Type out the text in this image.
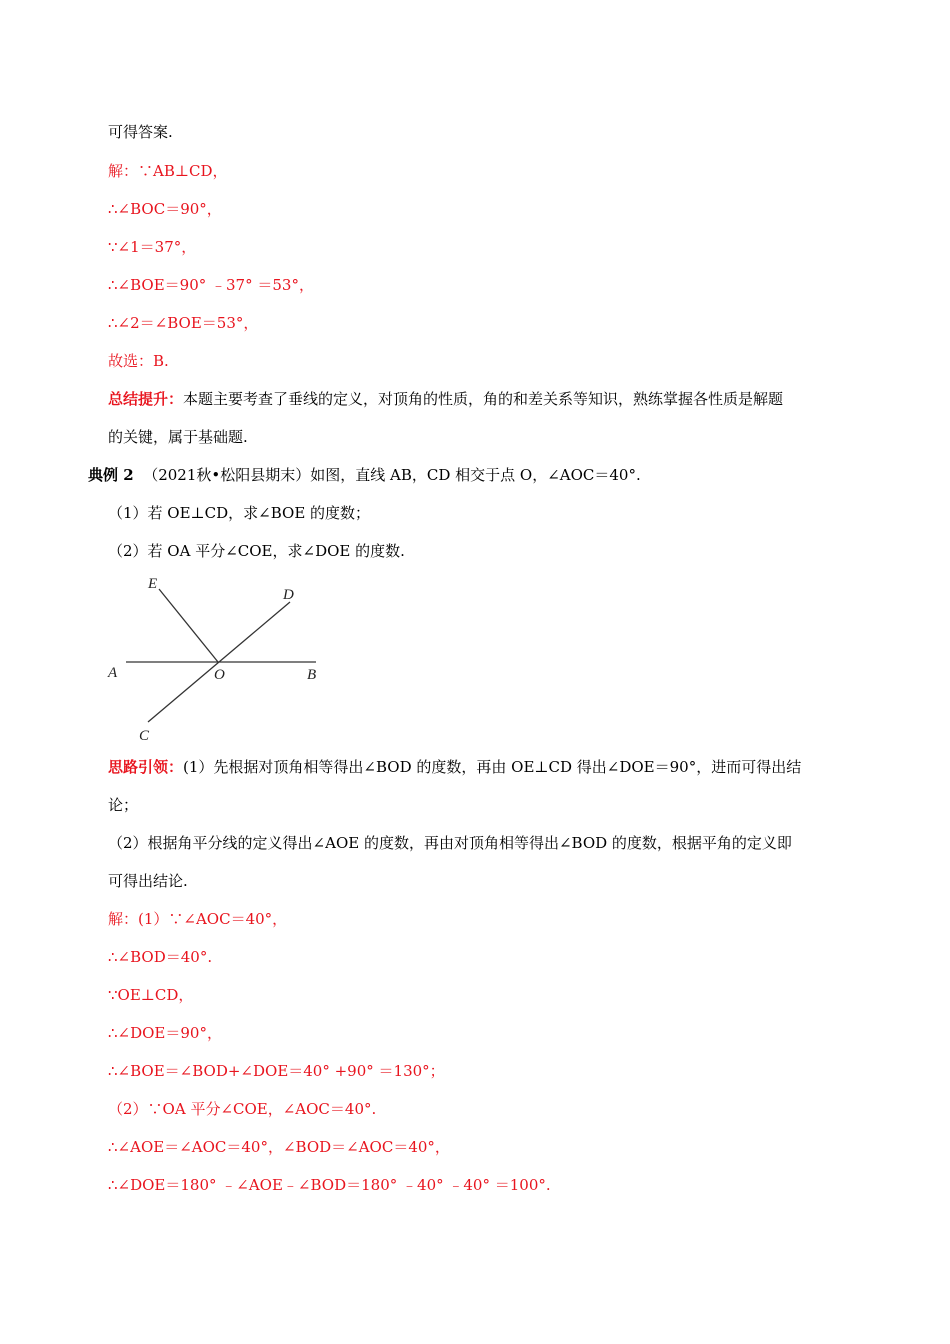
可得答案.
解：∵AB⊥CD，
∴∠BOC＝90°，
∵∠1＝37°，
∴∠BOE＝90° ﹣37° ＝53°，
∴∠2＝∠BOE＝53°，
故选：B.
总结提升：本题主要考查了垂线的定义，对顶角的性质，角的和差关系等知识，熟练掌握各性质是解题
的关键，属于基础题.
典例 2 （2021秋•松阳县期末）如图，直线 AB，CD 相交于点 O，∠AOC＝40°.
（1）若 OE⊥CD，求∠BOE 的度数；
（2）若 OA 平分∠COE，求∠DOE 的度数.
E
D
A	O	B
C
思路引领：(1）先根据对顶角相等得出∠BOD 的度数，再由 OE⊥CD 得出∠DOE＝90°，进而可得出结
论；
（2）根据角平分线的定义得出∠AOE 的度数，再由对顶角相等得出∠BOD 的度数，根据平角的定义即
可得出结论.
解：(1）∵∠AOC＝40°，
∴∠BOD＝40°.
∵OE⊥CD，
∴∠DOE＝90°，
∴∠BOE＝∠BOD+∠DOE＝40° +90° ＝130°；
（2）∵OA 平分∠COE，∠AOC＝40°.
∴∠AOE＝∠AOC＝40°，∠BOD＝∠AOC＝40°，
∴∠DOE＝180° ﹣∠AOE﹣∠BOD＝180° ﹣40° ﹣40° ＝100°.
